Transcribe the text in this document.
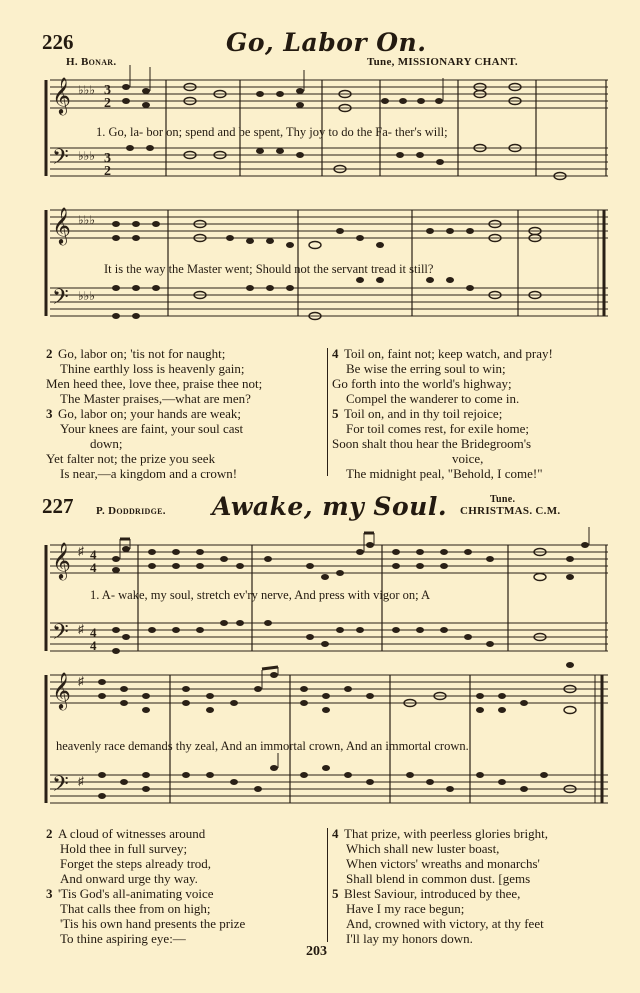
226	Go, Labor On.
H. Bonar.	Tune, MISSIONARY CHANT.
𝄞
𝄢
♭♭♭
♭♭♭
3
2
3
2
1. Go, la- bor on; spend and be spent, Thy joy to do the Fa- ther's will;
𝄞
𝄢
♭♭♭
♭♭♭
It is the way the Master went; Should not the servant tread it still?
2 Go, labor on; 'tis not for naught;
Thine earthly loss is heavenly gain;
Men heed thee, love thee, praise thee not;
The Master praises,—what are men?
3 Go, labor on; your hands are weak;
Your knees are faint, your soul cast
down;
Yet falter not; the prize you seek
Is near,—a kingdom and a crown!
4 Toil on, faint not; keep watch, and pray!
Be wise the erring soul to win;
Go forth into the world's highway;
Compel the wanderer to come in.
5 Toil on, and in thy toil rejoice;
For toil comes rest, for exile home;
Soon shalt thou hear the Bridegroom's
voice,
The midnight peal, "Behold, I come!"
227 P. Doddridge. Awake, my Soul.	Tune.
CHRISTMAS. C.M.
𝄞
𝄢
♯
♯
4
4
4
4
1. A- wake, my soul, stretch ev'ry nerve, And press with vigor on; A
𝄞
𝄢
♯
♯
heavenly race demands thy zeal, And an immortal crown, And an immortal crown.
2 A cloud of witnesses around
Hold thee in full survey;
Forget the steps already trod,
And onward urge thy way.
3 'Tis God's all-animating voice
That calls thee from on high;
'Tis his own hand presents the prize
To thine aspiring eye:—
4 That prize, with peerless glories bright,
Which shall new luster boast,
When victors' wreaths and monarchs'
Shall blend in common dust. [gems
5 Blest Saviour, introduced by thee,
Have I my race begun;
And, crowned with victory, at thy feet
I'll lay my honors down.
203
